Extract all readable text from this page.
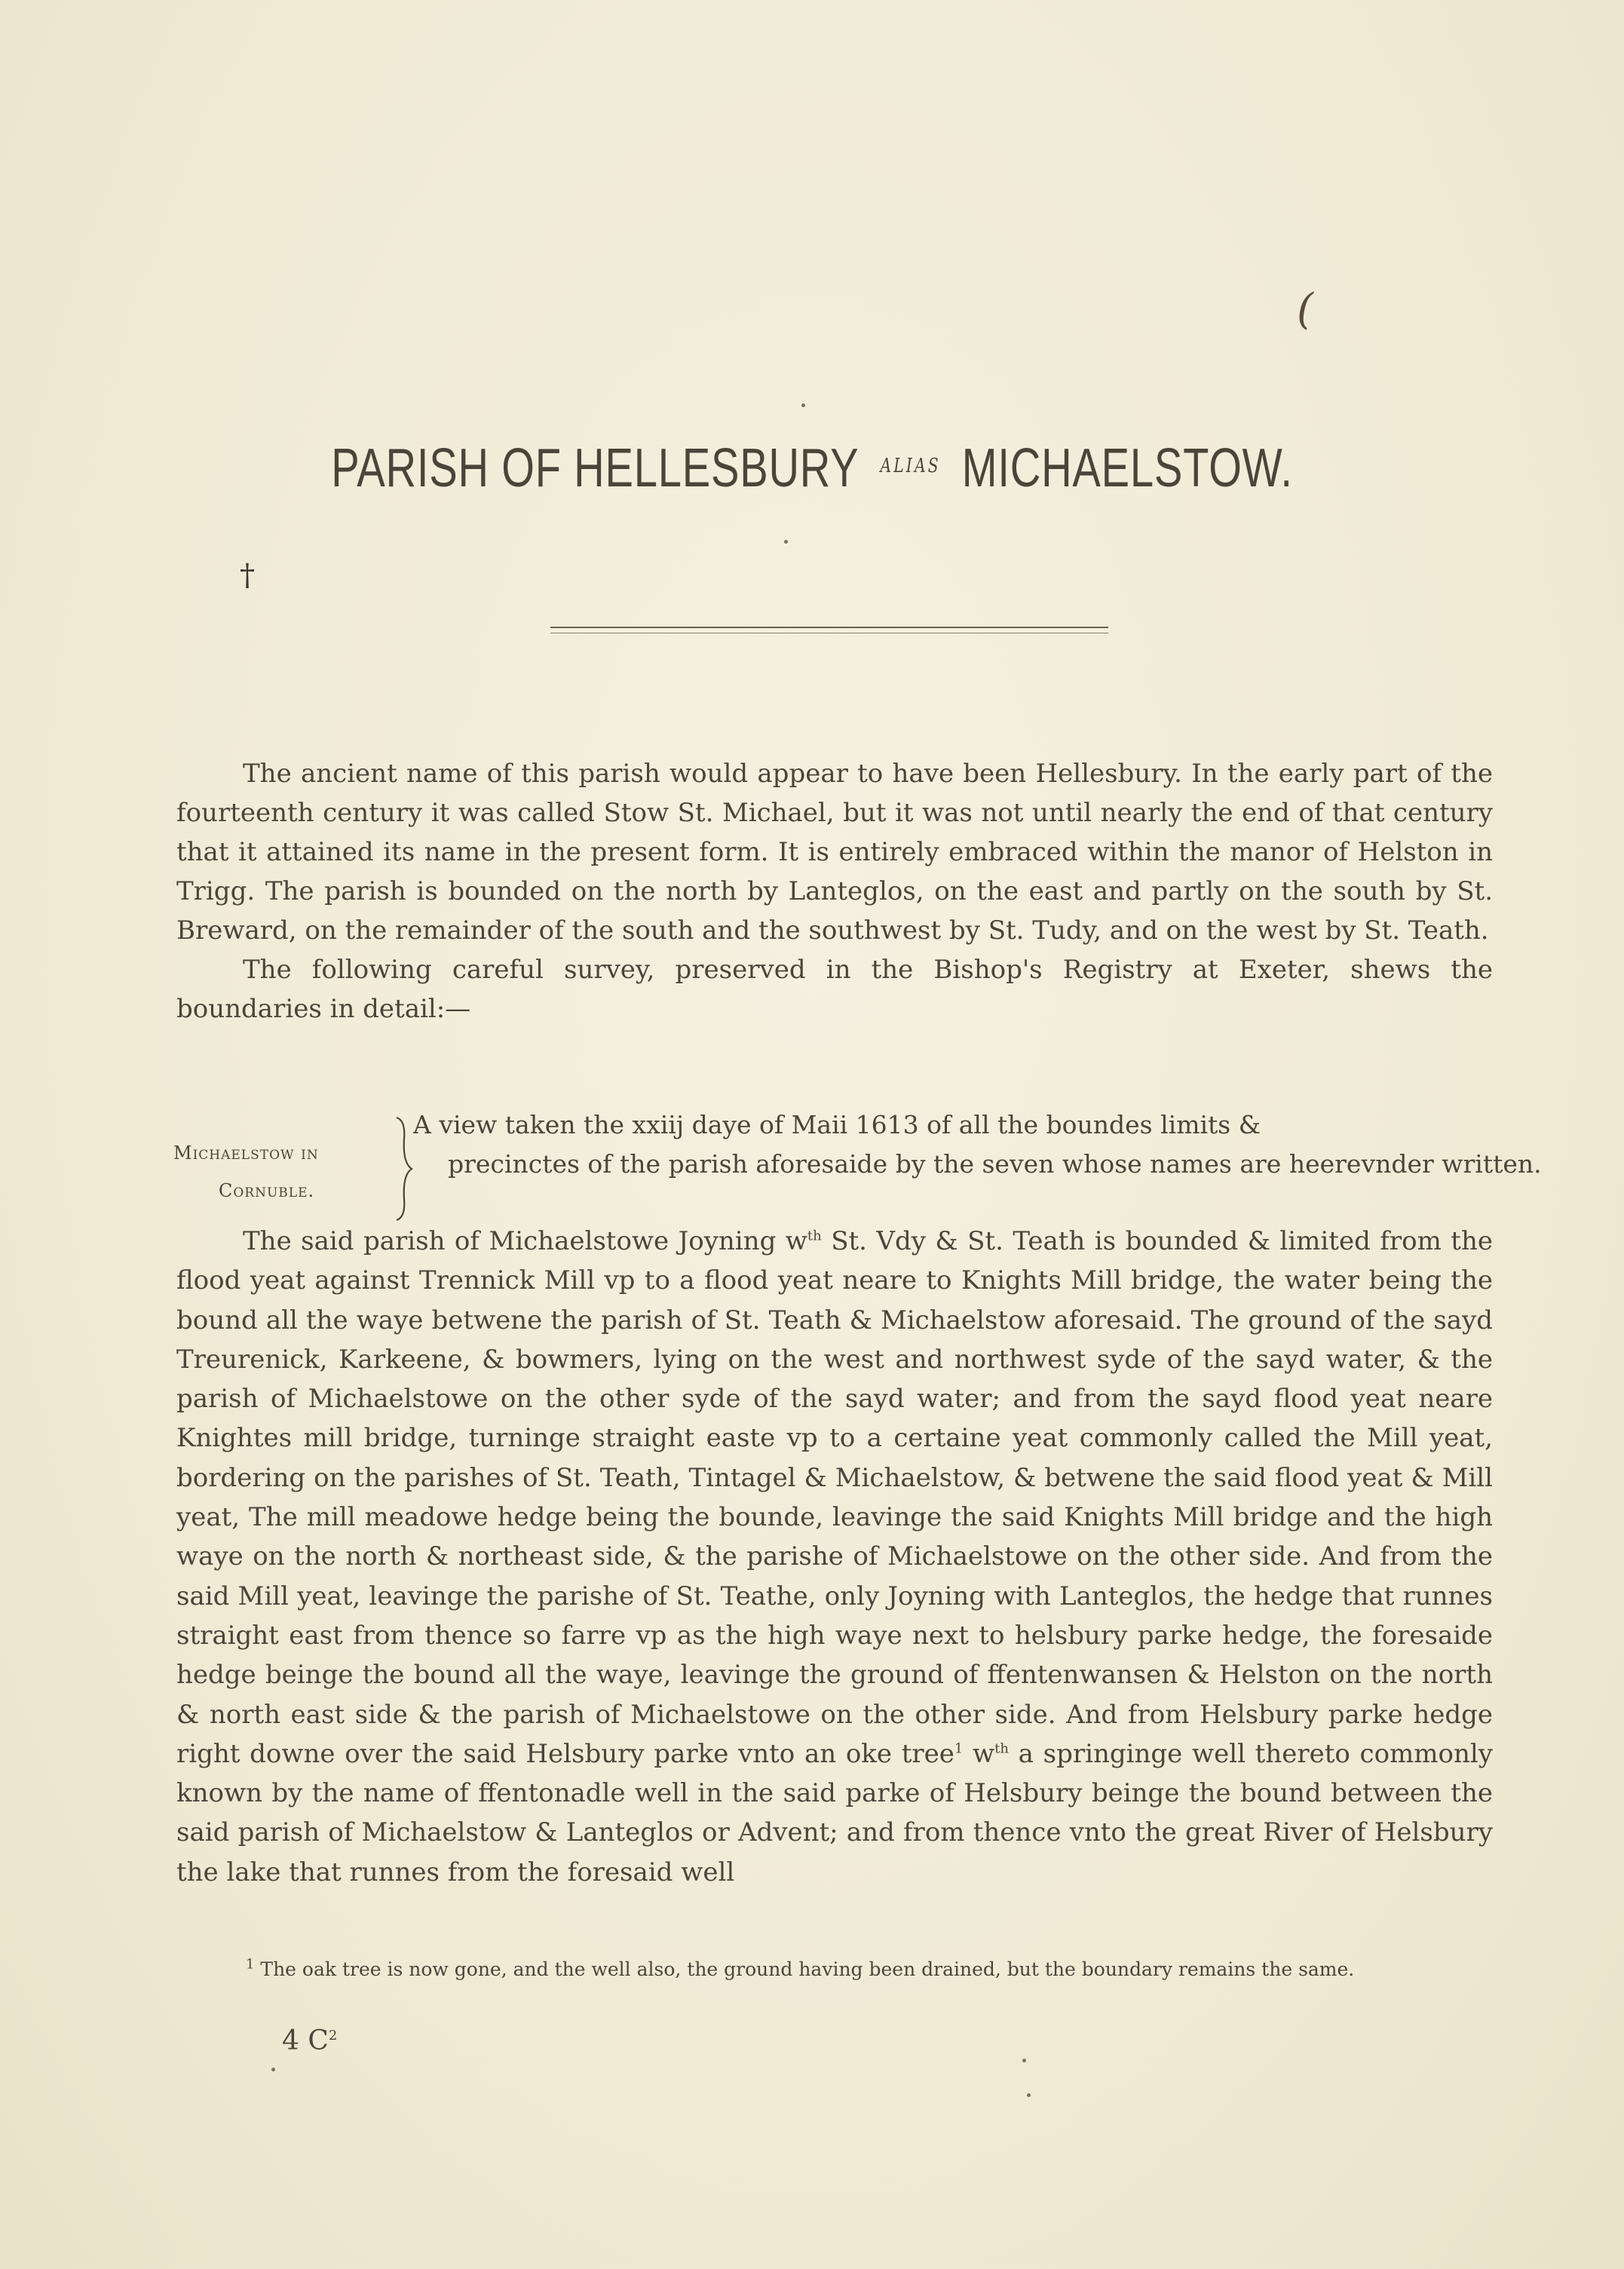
(
PARISH OF HELLESBURY ALIAS MICHAELSTOW.
†

The ancient name of this parish would appear to have been Hellesbury. In the early part of the fourteenth century it was called Stow St. Michael, but it was not until nearly the end of that century that it attained its name in the present form. It is entirely embraced within the manor of Helston in Trigg. The parish is bounded on the north by Lanteglos, on the east and partly on the south by St. Breward, on the remainder of the south and the southwest by St. Tudy, and on the west by St. Teath.

The following careful survey, preserved in the Bishop's Registry at Exeter, shews the boundaries in detail:—

Michaelstow in
Cornuble.
A view taken the xxiij daye of Maii 1613 of all the boundes limits &
precinctes of the parish aforesaide by the seven whose names are heerevnder written.

The said parish of Michaelstowe Joyning $w^{th}$ St. Vdy & St. Teath is bounded & limited from the flood yeat against Trennick Mill vp to a flood yeat neare to Knights Mill bridge, the water being the bound all the waye betwene the parish of St. Teath & Michaelstow aforesaid. The ground of the sayd Treurenick, Karkeene, & bowmers, lying on the west and northwest syde of the sayd water, & the parish of Michaelstowe on the other syde of the sayd water; and from the sayd flood yeat neare Knightes mill bridge, turninge straight easte vp to a certaine yeat commonly called the Mill yeat, bordering on the parishes of St. Teath, Tintagel & Michaelstow, & betwene the said flood yeat & Mill yeat, The mill meadowe hedge being the bounde, leavinge the said Knights Mill bridge and the high waye on the north & northeast side, & the parishe of Michaelstowe on the other side. And from the said Mill yeat, leavinge the parishe of St. Teathe, only Joyning with Lanteglos, the hedge that runnes straight east from thence so farre vp as the high waye next to helsbury parke hedge, the foresaide hedge beinge the bound all the waye, leavinge the ground of ffentenwansen & Helston on the north & north east side & the parish of Michaelstowe on the other side. And from Helsbury parke hedge right downe over the said Helsbury parke vnto an oke tree$^1$ $w^{th}$ a springinge well thereto commonly known by the name of ffentonadle well in the said parke of Helsbury beinge the bound between the said parish of Michaelstow & Lanteglos or Advent; and from thence vnto the great River of Helsbury the lake that runnes from the foresaid well

$^1$ The oak tree is now gone, and the well also, the ground having been drained, but the boundary remains the same.
4 $C^2$
